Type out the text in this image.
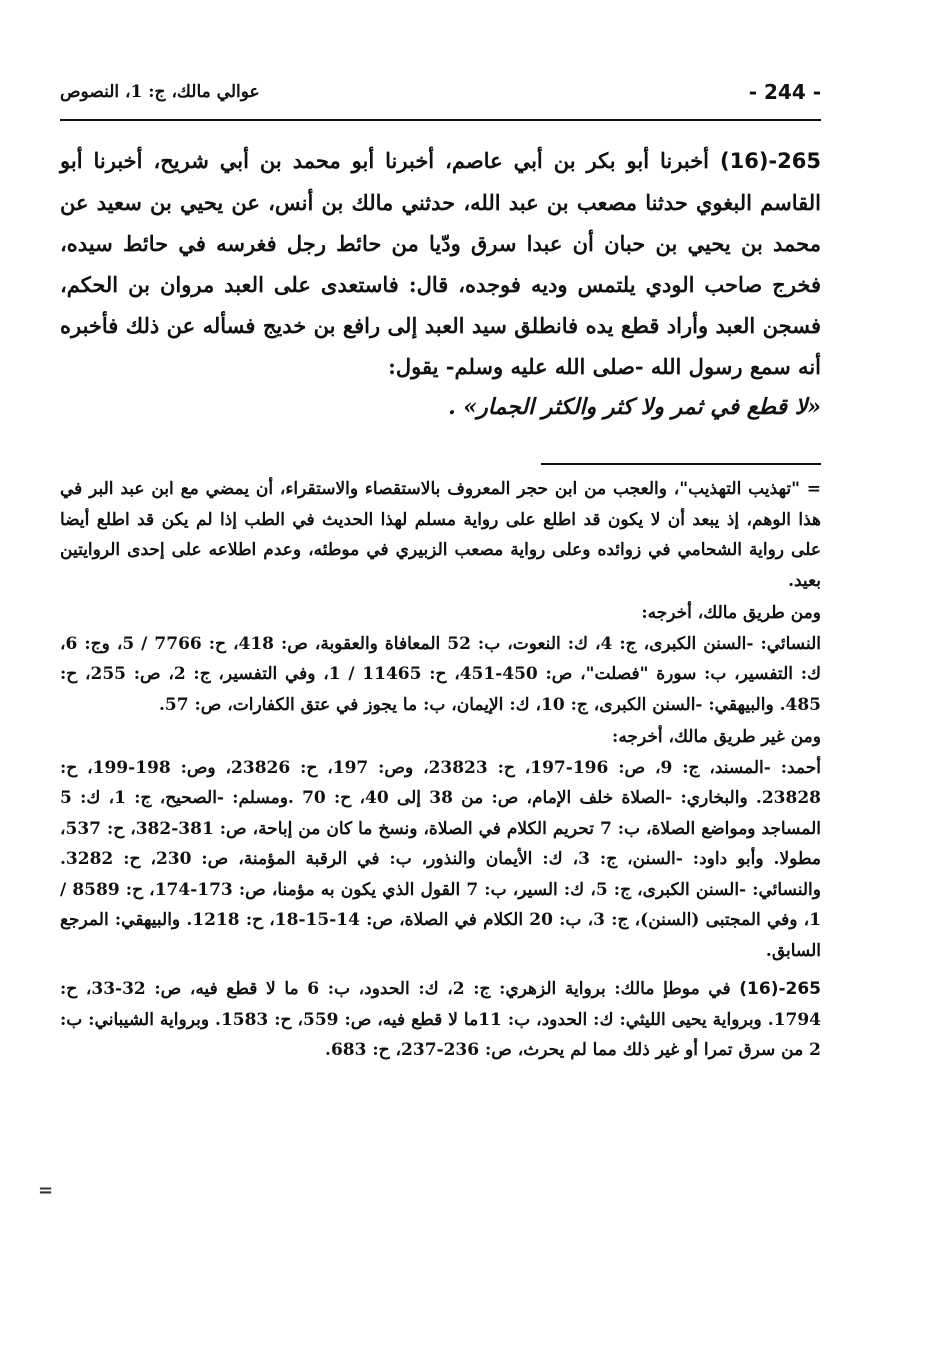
- 244 -
عوالي مالك، ج: 1، النصوص

265-(16) أخبرنا أبو بكر بن أبي عاصم، أخبرنا أبو محمد بن أبي شريح، أخبرنا أبو القاسم البغوي حدثنا مصعب بن عبد الله، حدثني مالك بن أنس، عن يحيي بن سعيد عن محمد بن يحيي بن حبان أن عبدا سرق ودّيا من حائط رجل فغرسه في حائط سيده، فخرج صاحب الودي يلتمس وديه فوجده، قال: فاستعدى على العبد مروان بن الحكم، فسجن العبد وأراد قطع يده فانطلق سيد العبد إلى رافع بن خديج فسأله عن ذلك فأخبره أنه سمع رسول الله -صلى الله عليه وسلم- يقول:

«لا قطع في ثمر ولا كثر والكثر الجمار» .

= "تهذيب التهذيب"، والعجب من ابن حجر المعروف بالاستقصاء والاستقراء، أن يمضي مع ابن عبد البر في هذا الوهم، إذ يبعد أن لا يكون قد اطلع على رواية مسلم لهذا الحديث في الطب إذا لم يكن قد اطلع أيضا على رواية الشحامي في زوائده وعلى رواية مصعب الزبيري في موطئه، وعدم اطلاعه على إحدى الروايتين بعيد.

ومن طريق مالك، أخرجه:

النسائي: -السنن الكبرى، ج: 4، ك: النعوت، ب: 52 المعافاة والعقوبة، ص: 418، ح: 7766 / 5، وج: 6، ك: التفسير، ب: سورة "فصلت"، ص: 450-451، ح: 11465 / 1، وفي التفسير، ج: 2، ص: 255، ح: 485. والبيهقي: -السنن الكبرى، ج: 10، ك: الإيمان، ب: ما يجوز في عتق الكفارات، ص: 57.

ومن غير طريق مالك، أخرجه:

أحمد: -المسند، ج: 9، ص: 196-197، ح: 23823، وص: 197، ح: 23826، وص: 198-199، ح: 23828. والبخاري: -الصلاة خلف الإمام، ص: من 38 إلى 40، ح: 70 .ومسلم: -الصحيح، ج: 1، ك: 5 المساجد ومواضع الصلاة، ب: 7 تحريم الكلام في الصلاة، ونسخ ما كان من إباحة، ص: 381-382، ح: 537، مطولا. وأبو داود: -السنن، ج: 3، ك: الأيمان والنذور، ب: في الرقبة المؤمنة، ص: 230، ح: 3282. والنسائي: -السنن الكبرى، ج: 5، ك: السير، ب: 7 القول الذي يكون به مؤمنا، ص: 173-174، ح: 8589 / 1، وفي المجتبى (السنن)، ج: 3، ب: 20 الكلام في الصلاة، ص: 14-15-18، ح: 1218. والبيهقي: المرجع السابق.

265-(16) في موطإ مالك: برواية الزهري: ج: 2، ك: الحدود، ب: 6 ما لا قطع فيه، ص: 32-33، ح: 1794. وبرواية يحيى الليثي: ك: الحدود، ب: 11ما لا قطع فيه، ص: 559، ح: 1583. وبرواية الشيباني: ب: 2 من سرق تمرا أو غير ذلك مما لم يحرث، ص: 236-237، ح: 683.

=
